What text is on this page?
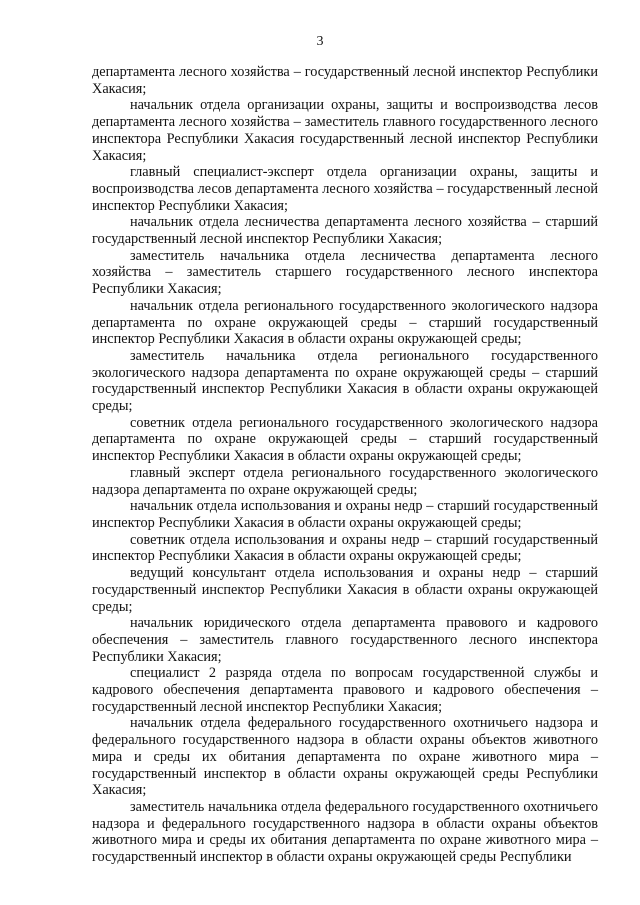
3

департамента лесного хозяйства – государственный лесной инспектор Республики Хакасия;

начальник отдела организации охраны, защиты и воспроизводства лесов департамента лесного хозяйства – заместитель главного государственного лесного инспектора Республики Хакасия государственный лесной инспектор Республики Хакасия;

главный специалист-эксперт отдела организации охраны, защиты и воспроизводства лесов департамента лесного хозяйства – государственный лесной инспектор Республики Хакасия;

начальник отдела лесничества департамента лесного хозяйства – старший государственный лесной инспектор Республики Хакасия;

заместитель начальника отдела лесничества департамента лесного хозяйства – заместитель старшего государственного лесного инспектора Республики Хакасия;

начальник отдела регионального государственного экологического надзора департамента по охране окружающей среды – старший государственный инспектор Республики Хакасия в области охраны окружающей среды;

заместитель начальника отдела регионального государственного экологического надзора департамента по охране окружающей среды – старший государственный инспектор Республики Хакасия в области охраны окружающей среды;

советник отдела регионального государственного экологического надзора департамента по охране окружающей среды – старший государственный инспектор Республики Хакасия в области охраны окружающей среды;

главный эксперт отдела регионального государственного экологического надзора департамента по охране окружающей среды;

начальник отдела использования и охраны недр – старший государственный инспектор Республики Хакасия в области охраны окружающей среды;

советник отдела использования и охраны недр – старший государственный инспектор Республики Хакасия в области охраны окружающей среды;

ведущий консультант отдела использования и охраны недр – старший государственный инспектор Республики Хакасия в области охраны окружающей среды;

начальник юридического отдела департамента правового и кадрового обеспечения – заместитель главного государственного лесного инспектора Республики Хакасия;

специалист 2 разряда отдела по вопросам государственной службы и кадрового обеспечения департамента правового и кадрового обеспечения – государственный лесной инспектор Республики Хакасия;

начальник отдела федерального государственного охотничьего надзора и федерального государственного надзора в области охраны объектов животного мира и среды их обитания департамента по охране животного мира – государственный инспектор в области охраны окружающей среды Республики Хакасия;

заместитель начальника отдела федерального государственного охотничьего надзора и федерального государственного надзора в области охраны объектов животного мира и среды их обитания департамента по охране животного мира – государственный инспектор в области охраны окружающей среды Республики
